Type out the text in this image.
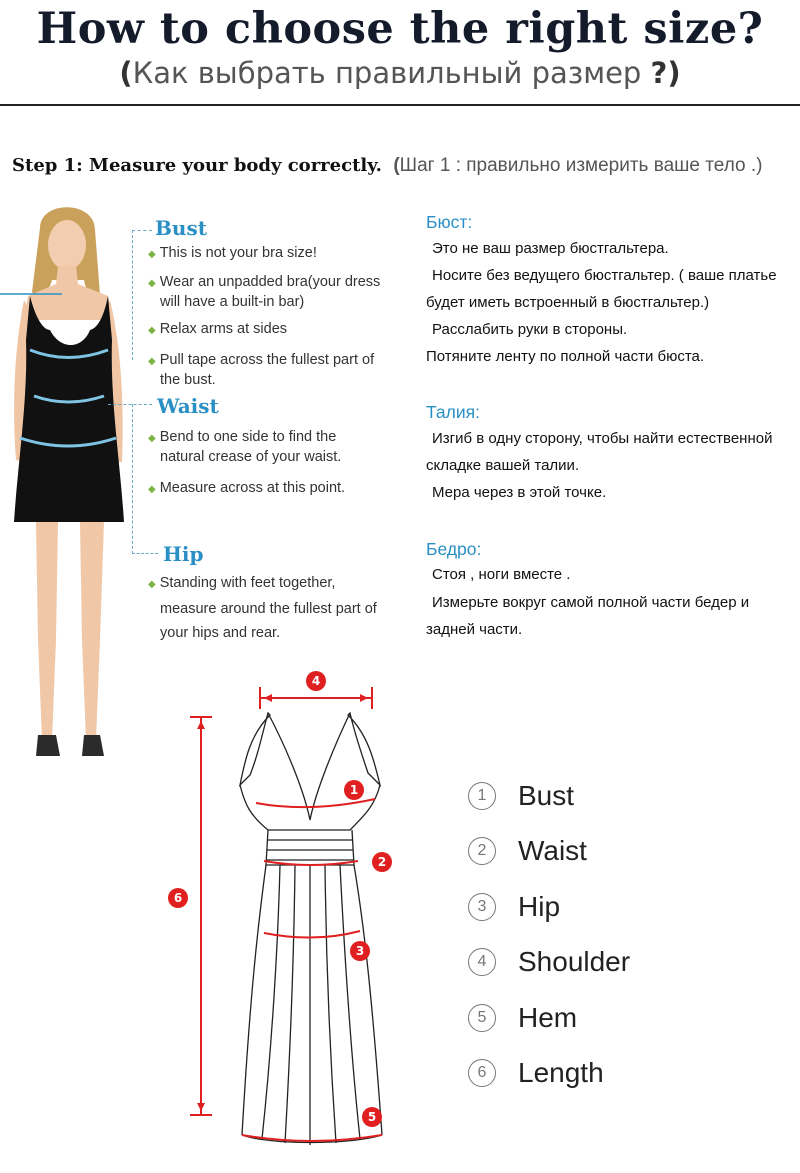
How to choose the right size?
(Как выбрать правильный размер ?)
Step 1: Measure your body correctly. (Шаг 1 : правильно измерить ваше тело .)
Bust
◆ This is not your bra size!
◆ Wear an unpadded bra(your dress will have a built-in bar)
◆ Relax arms at sides
◆ Pull tape across the fullest part of the bust.
Waist
◆ Bend to one side to find the natural crease of your waist.
◆ Measure across at this point.
Hip
◆ Standing with feet together, measure around the fullest part of your hips and rear.
Бюст:
Это не ваш размер бюстгальтера.
Носите без ведущего бюстгальтер. ( ваше платье
будет иметь встроенный в бюстгальтер.)
Расслабить руки в стороны.
Потяните ленту по полной части бюста.
Талия:
Изгиб в одну сторону, чтобы найти естественной
складке вашей талии.
Мера через в этой точке.
Бедро:
Стоя , ноги вместе .
Измерьте вокруг самой полной части бедер и
задней части.
4
1
2
3
6
5
1	Bust
2	Waist
3	Hip
4	Shoulder
5	Hem
6	Length
